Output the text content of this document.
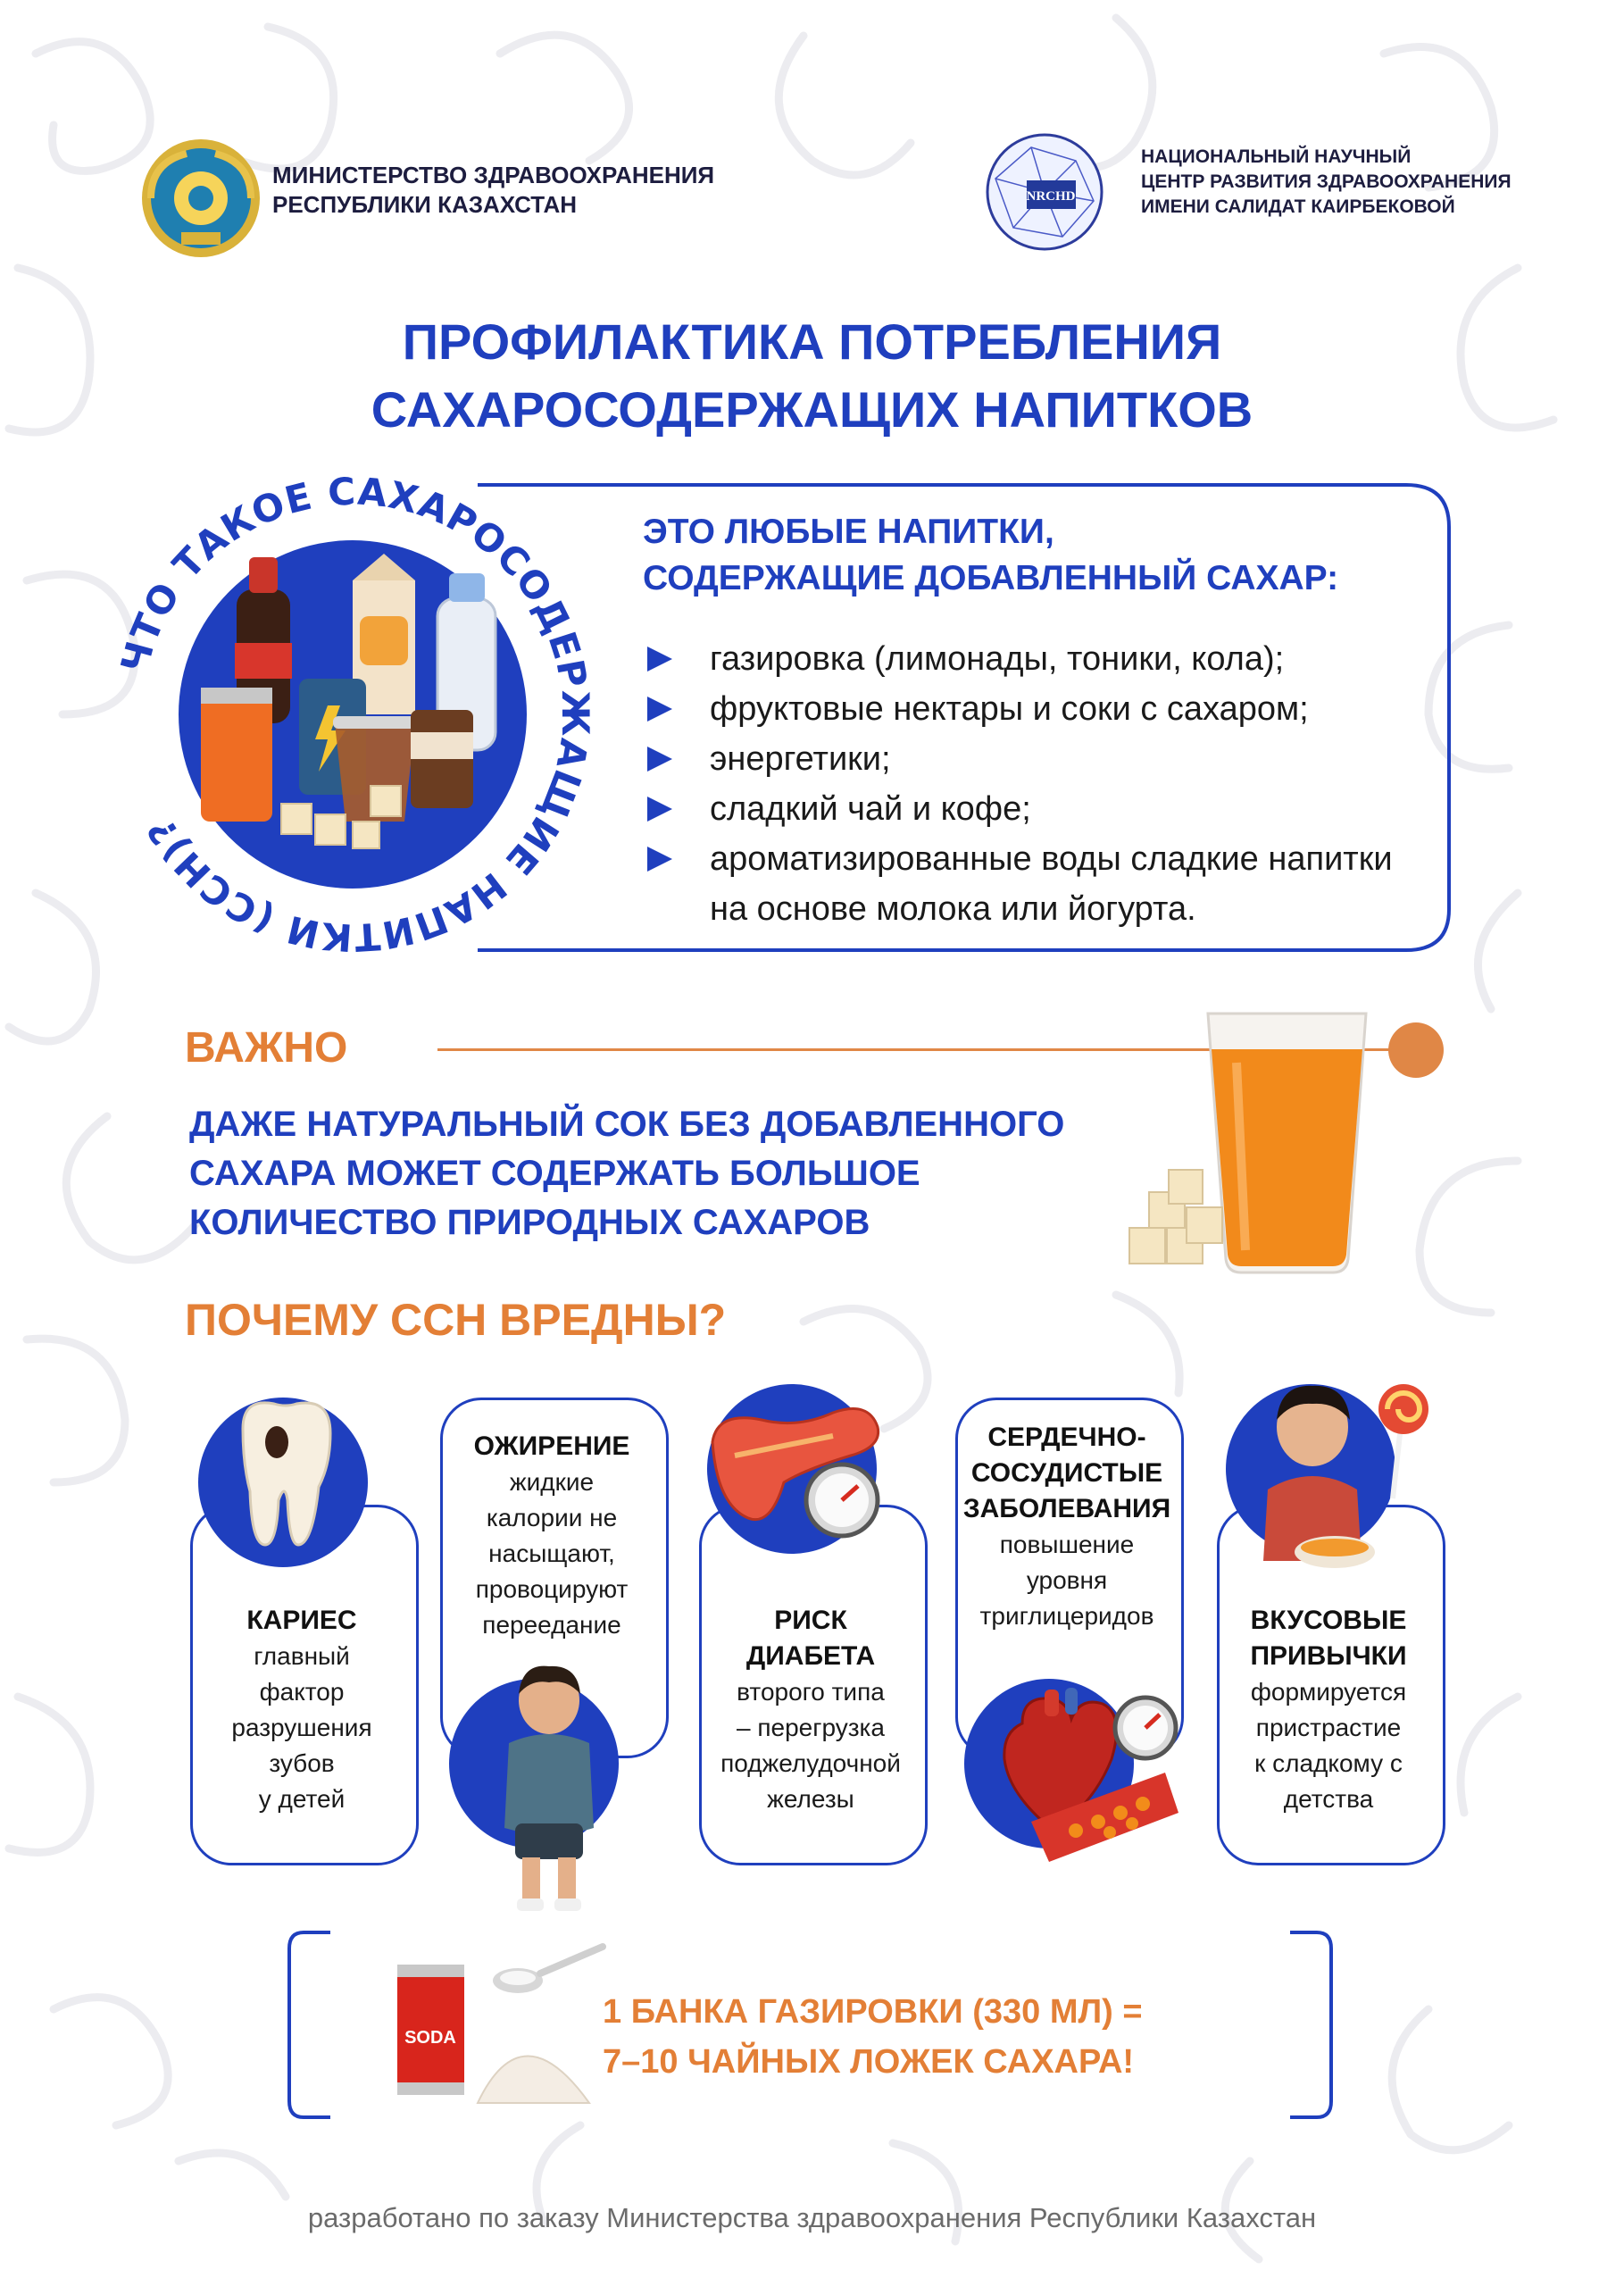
МИНИСТЕРСТВО ЗДРАВООХРАНЕНИЯ
РЕСПУБЛИКИ КАЗАХСТАН	NRCHD
НАЦИОНАЛЬНЫЙ НАУЧНЫЙ
ЦЕНТР РАЗВИТИЯ ЗДРАВООХРАНЕНИЯ
ИМЕНИ САЛИДАТ КАИРБЕКОВОЙ
ПРОФИЛАКТИКА ПОТРЕБЛЕНИЯ
САХАРОСОДЕРЖАЩИХ НАПИТКОВ
ЧТО ТАКОЕ САХАРОСОДЕРЖАЩИЕ НАПИТКИ (ССН)?
ЭТО ЛЮБЫЕ НАПИТКИ,
СОДЕРЖАЩИЕ ДОБАВЛЕННЫЙ САХАР:
газировка (лимонады, тоники, кола);
фруктовые нектары и соки с сахаром;
энергетики;
сладкий чай и кофе;
ароматизированные воды сладкие напитки на основе молока или йогурта.
ВАЖНО
ДАЖЕ НАТУРАЛЬНЫЙ СОК БЕЗ ДОБАВЛЕННОГО
САХАРА МОЖЕТ СОДЕРЖАТЬ БОЛЬШОЕ
КОЛИЧЕСТВО ПРИРОДНЫХ САХАРОВ
ПОЧЕМУ ССН ВРЕДНЫ?
КАРИЕС
главный
фактор
разрушения
зубов
у детей
ОЖИРЕНИЕ
жидкие
калории не
насыщают,
провоцируют
переедание	РИСК
ДИАБЕТА
второго типа
– перегрузка
поджелудочной
железы
СЕРДЕЧНО-
СОСУДИСТЫЕ
ЗАБОЛЕВАНИЯ
повышение
уровня
триглицеридов	ВКУСОВЫЕ
ПРИВЫЧКИ
формируется
пристрастие
к сладкому с
детства
SODA
1 БАНКА ГАЗИРОВКИ (330 МЛ) =
7–10 ЧАЙНЫХ ЛОЖЕК САХАРА!
разработано по заказу Министерства здравоохранения Республики Казахстан
